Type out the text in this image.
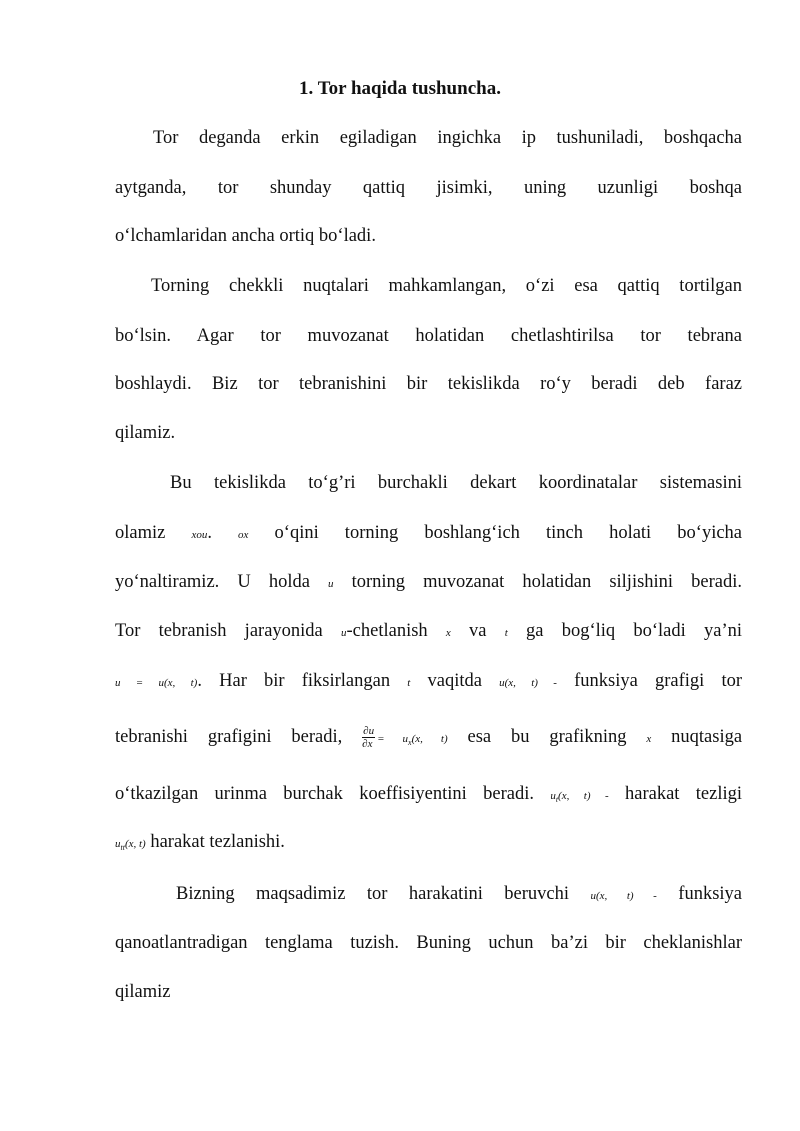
1. Tor haqida tushuncha.
Tor deganda erkin egiladigan ingichka ip tushuniladi, boshqacha
aytganda, tor shunday qattiq jisimki, uning uzunligi boshqa
o‘lchamlaridan ancha ortiq bo‘ladi.
Torning chekkli nuqtalari mahkamlangan, o‘zi esa qattiq tortilgan
bo‘lsin. Agar tor muvozanat holatidan chetlashtirilsa tor tebrana
boshlaydi. Biz tor tebranishini bir tekislikda ro‘y beradi deb faraz
qilamiz.
Bu tekislikda to‘g’ri burchakli dekart koordinatalar sistemasini
olamiz xou. ox o‘qini torning boshlang‘ich tinch holati bo‘yicha
yo‘naltiramiz. U holda u torning muvozanat holatidan siljishini beradi.
Tor tebranish jarayonida u-chetlanish x va t ga bog‘liq bo‘ladi ya’ni
u = u(x, t). Har bir fiksirlangan t vaqitda u(x, t) - funksiya grafigi tor
tebranishi grafigini beradi, $\frac{\partial u}{\partial x} = u_x(x$, t) esa bu grafikning x nuqtasiga
o‘tkazilgan urinma burchak koeffisiyentini beradi. $u_t(x$, t) - harakat tezligi
$u_{tt}(x$, t) harakat tezlanishi.
Bizning maqsadimiz tor harakatini beruvchi u(x, t) - funksiya
qanoatlantradigan tenglama tuzish. Buning uchun ba’zi bir cheklanishlar
qilamiz
